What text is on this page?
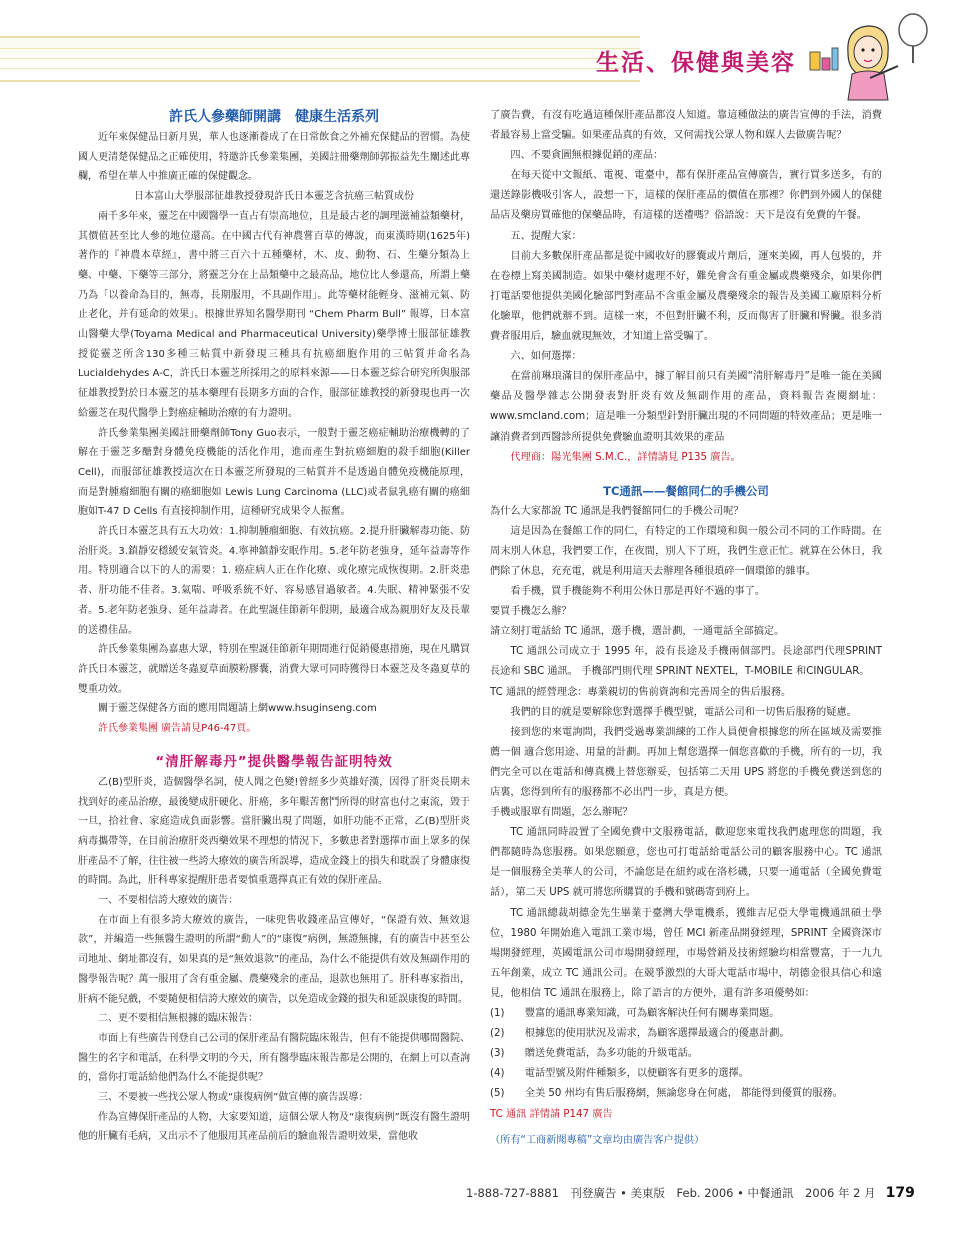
生活、保健與美容
許氏人參藥師開講　健康生活系列

近年來保健品日新月異，華人也逐漸養成了在日常飲食之外補充保健品的習慣。為使國人更清楚保健品之正確使用，特邀許氏參業集團，美國註冊藥劑師郭振益先生闡述此專欄，希望在華人中推廣正確的保健觀念。

日本富山大學服部征雄教授發現許氏日本靈芝含抗癌三帖質成份

兩千多年來，靈芝在中國醫學一直占有崇高地位，且是最古老的調理滋補益類藥材，其價值甚至比人參的地位還高。在中國古代有神農嘗百草的傳說，而東漢時期(1625年)著作的『神農本草經』，書中將三百六十五種藥材，木、皮、動物、石、生藥分類為上藥、中藥、下藥等三部分，將靈芝分在上品類藥中之最高品，地位比人參還高，所謂上藥乃為「以養命為目的，無毒，長期服用，不具副作用」。此等藥材能輕身、滋補元氣、防止老化，并有延命的效果」。根據世界知名醫學期刊 “Chem Pharm Bull” 報導，日本富山醫藥大學(Toyama Medical and Pharmaceutical University)藥學博士服部征雄教授從靈芝所含130多種三帖質中新發現三種具有抗癌細胞作用的三帖質并命名為 Lucialdehydes A-C，許氏日本靈芝所採用之的原料來源——日本靈芝綜合研究所與服部征雄教授對於日本靈芝的基本藥理有長期多方面的合作，服部征雄教授的新發現也再一次給靈芝在現代醫學上對癌症輔助治療的有力證明。

許氏參業集團美國註冊藥劑師Tony Guo表示，一般對于靈芝癌症輔助治療機轉的了解在于靈芝多醣對身體免疫機能的活化作用，進而產生對抗癌細胞的殺手細胞(Killer Cell)，而服部征雄教授這次在日本靈芝所發現的三帖質并不是透過自體免疫機能原理，而是對腫瘤細胞有關的癌細胞如 Lewis Lung Carcinoma (LLC)或者鼠乳癌有關的癌細胞如T-47 D Cells 有直接抑制作用，這種研究成果令人振奮。

許氏日本靈芝具有五大功效：1.抑制腫瘤細胞、有效抗癌。2.提升肝臟解毒功能、防治肝炎。3.鎮靜安穩緩安氣管炎。4.寧神鎮靜安眠作用。5.老年防老強身，延年益壽等作用。特別適合以下的人的需要：1. 癌症病人正在作化療、或化療完成恢復期。2.肝炎患者、肝功能不佳者。3.氣喘、呼吸系統不好、容易感冒過敏者。4.失眠、精神緊張不安者。5.老年防老強身、延年益壽者。在此聖誕佳節新年假期，最適合成為親朋好友及長輩的送禮佳品。

許氏參業集團為嘉惠大眾，特別在聖誕佳節新年期間進行促銷優惠措施，現在凡購買許氏日本靈芝，就贈送冬蟲夏草面膜粉膠囊，消費大眾可同時獲得日本靈芝及冬蟲夏草的雙重功效。

關于靈芝保健各方面的應用問題請上網www.hsuginseng.com

許氏參業集團 廣告請見P46-47頁。

“清肝解毒丹”提供醫學報告証明特效

乙(B)型肝炎，造個醫學名詞，使人聞之色變!曾經多少英雄好漢，因得了肝炎長期未找到好的產品治療，最後變成肝硬化、肝癌，多年艱苦奮鬥所得的財富也付之東流，毀于一旦，拾社會、家庭造成負面影響。當肝臟出現了問題，如肝功能不正常，乙(B)型肝炎病毒攜帶等，在目前治療肝炎西藥效果不理想的情況下，多數患者對選擇市面上眾多的保肝產品不了解，往往被一些誇大療效的廣告所誤導，造成金錢上的損失和耽誤了身體康復的時間。為此，肝科專家提醒肝患者要慎重選擇真正有效的保肝產品。

一、不要相信誇大療效的廣告：

在市面上有很多誇大療效的廣告，一味兜售收錢產品宣傳好，“保證有效、無效退款”，并編造一些無醫生證明的所謂“動人”的“康復”病例，無證無據，有的廣告中甚至公司地址、網址都沒有，如果真的是“無效退款”的產品，為什么不能提供有效及無副作用的醫學報告呢？萬一服用了含有重金屬、農藥殘余的產品，退款也無用了。肝科專家指出，肝病不能兒戲，不要隨便相信誇大療效的廣告，以免造成金錢的損失和延誤康復的時間。

二、更不要相信無根據的臨床報告：

市面上有些廣告刊登自己公司的保肝產品有醫院臨床報告，但有不能提供哪間醫院、醫生的名字和電話，在科學文明的今天，所有醫學臨床報告都是公開的，在網上可以查詢的，當你打電話給他們為什么不能提供呢？

三、不要被一些找公眾人物或“康復病例”做宣傳的廣告誤導：

作為宣傳保肝產品的人物，大家要知道，這個公眾人物及“康復病例”既沒有醫生證明他的肝臟有毛病，又出示不了他服用其產品前后的驗血報告證明效果，當他收

了廣告費，有沒有吃過這種保肝產品都沒人知道。靠這種做法的廣告宣傳的手法，消費者最容易上當受騙。如果產品真的有效，又何需找公眾人物和媒人去做廣告呢？

四、不要貪圖無根據促銷的產品：

在每天從中文報紙、電視、電臺中，都有保肝產品宣傳廣告，實行買多送多，有的還送錄影機吸引客人，設想一下，這樣的保肝產品的價值在那裡？你們到外國人的保健品店及藥房買確他的保藥品時，有這樣的送禮嗎？俗語說：天下是沒有免費的午餐。

五、提醒大家：

目前大多數保肝產品都是從中國收好的膠囊或片劑后，運來美國，再人包裝的，并在卷標上寫美國制造。如果中藥材處理不好，難免會含有重金屬或農藥殘余，如果你們打電話要他提供美國化驗部門對產品不含重金屬及農藥殘余的報告及美國工廠原料分析化驗單，他們就辦不到。這樣一來，不但對肝臟不利，反而傷害了肝臟和腎臟。很多消費者服用后，驗血就現無效，才知道上當受騙了。

六、如何選擇：

在當前琳琅滿目的保肝產品中，據了解目前只有美國“清肝解毒丹”是唯一能在美國藥品及醫學雜志公開發表對肝炎有效及無副作用的產品，資料報告查閱網址：www.smcland.com；這是唯一分類型針對肝臟出現的不同問題的特效產品；更是唯一讓消費者到西醫診所提供免費驗血證明其效果的產品

代理商：陽光集團 S.M.C.，詳情請見 P135 廣告。

TC通訊——餐館同仁的手機公司

為什么大家都說 TC 通訊是我們餐館同仁的手機公司呢？

這是因為在餐館工作的同仁，有特定的工作環境和與一般公司不同的工作時間。在周末別人休息，我們要工作，在夜間，別人下了班，我們生意正忙。就算在公休日，我們除了休息，充充電，就是利用這天去辦理各種很瑣碎一個環節的雜事。

看手機，買手機能夠不利用公休日那是再好不過的事了。

要買手機怎么辦？

請立刻打電話給 TC 通訊，選手機，選計劃，一通電話全部搞定。

TC 通訊公司成立于 1995 年，設有長途及手機兩個部門。長途部門代理SPRINT 長途和 SBC 通訊。 手機部門則代理 SPRINT NEXTEL，T-MOBILE 和CINGULAR。

TC 通訊的經營理念：專業親切的售前資詢和完善周全的售后服務。

我們的目的就是要解除您對選擇手機型號，電話公司和一切售后服務的疑慮。

接到您的來電詢問，我們受過專業訓練的工作人員便會根據您的所在區域及需要推薦一個 適合您用途、用量的計劃。再加上幫您選擇一個您喜歡的手機，所有的一切，我們完全可以在電話和傳真機上替您辦妥，包括第二天用 UPS 將您的手機免費送到您的店裏，您得到所有的服務都不必出門一步，真是方便。

手機或服單有問題，怎么辦呢？

TC 通訊同時設置了全國免費中文服務電話，歡迎您來電找我們處理您的問題，我們都隨時為您服務。如果您願意，您也可打電話給電話公司的顧客服務中心。TC 通訊是一個服務全美華人的公司，不論您是在紐約或在洛杉磯，只要一通電話（全國免費電話），第二天 UPS 就可將您所購買的手機和號碼寄到府上。

TC 通訊總裁胡德金先生畢業于臺灣大學電機系，獲維吉尼亞大學電機通訊碩士學位，1980 年開始進入電訊工業市場，曾任 MCI 新產品開發經理，SPRINT 全國資深市場開發經理，英國電訊公司市場開發經理，市場營銷及技術經驗均相當豐富，于一九九五年創業，成立 TC 通訊公司。在競爭激烈的大哥大電話市場中，胡德金很具信心和遠見，他相信 TC 通訊在服務上，除了語言的方便外，還有許多項優勢如：

(1)　　豐富的通訊專業知識，可為顧客解決任何有關專業問題。

(2)　　根據您的使用狀況及需求，為顧客選擇最適合的優惠計劃。

(3)　　贈送免費電話，為多功能的升級電話。

(4)　　電話型號及附件種類多，以便顧客有更多的選擇。

(5)　　全美 50 州均有售后服務網，無論您身在何處， 都能得到優質的服務。

TC 通訊 詳情請 P147 廣告

（所有“工商新聞專稿”文章均由廣告客户提供）

1-888-727-8881　刊登廣告 • 美東版　Feb. 2006 • 中餐通訊　2006 年 2 月 179
